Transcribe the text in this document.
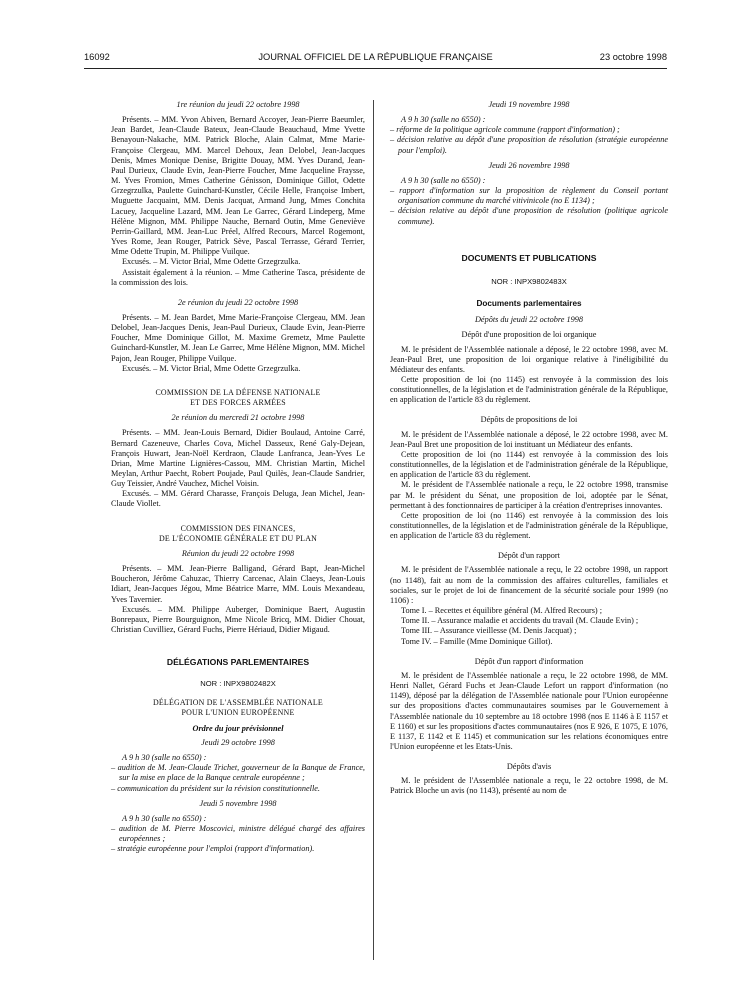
16092	JOURNAL OFFICIEL DE LA RÉPUBLIQUE FRANÇAISE	23 octobre 1998

1re réunion du jeudi 22 octobre 1998

Présents. – MM. Yvon Abiven, Bernard Accoyer, Jean-Pierre Baeumler, Jean Bardet, Jean-Claude Bateux, Jean-Claude Beauchaud, Mme Yvette Benayoun-Nakache, MM. Patrick Bloche, Alain Calmat, Mme Marie-Françoise Clergeau, MM. Marcel Dehoux, Jean Delobel, Jean-Jacques Denis, Mmes Monique Denise, Brigitte Douay, MM. Yves Durand, Jean-Paul Durieux, Claude Evin, Jean-Pierre Foucher, Mme Jacqueline Fraysse, M. Yves Fromion, Mmes Catherine Génisson, Dominique Gillot, Odette Grzegrzulka, Paulette Guinchard-Kunstler, Cécile Helle, Françoise Imbert, Muguette Jacquaint, MM. Denis Jacquat, Armand Jung, Mmes Conchita Lacuey, Jacqueline Lazard, MM. Jean Le Garrec, Gérard Lindeperg, Mme Hélène Mignon, MM. Philippe Nauche, Bernard Outin, Mme Geneviève Perrin-Gaillard, MM. Jean-Luc Préel, Alfred Recours, Marcel Rogemont, Yves Rome, Jean Rouger, Patrick Sève, Pascal Terrasse, Gérard Terrier, Mme Odette Trupin, M. Philippe Vuilque.

Excusés. – M. Victor Brial, Mme Odette Grzegrzulka.

Assistait également à la réunion. – Mme Catherine Tasca, présidente de la commission des lois.

2e réunion du jeudi 22 octobre 1998

Présents. – M. Jean Bardet, Mme Marie-Françoise Clergeau, MM. Jean Delobel, Jean-Jacques Denis, Jean-Paul Durieux, Claude Evin, Jean-Pierre Foucher, Mme Dominique Gillot, M. Maxime Gremetz, Mme Paulette Guinchard-Kunstler, M. Jean Le Garrec, Mme Hélène Mignon, MM. Michel Pajon, Jean Rouger, Philippe Vuilque.

Excusés. – M. Victor Brial, Mme Odette Grzegrzulka.

COMMISSION DE LA DÉFENSE NATIONALE

ET DES FORCES ARMÉES

2e réunion du mercredi 21 octobre 1998

Présents. – MM. Jean-Louis Bernard, Didier Boulaud, Antoine Carré, Bernard Cazeneuve, Charles Cova, Michel Dasseux, René Galy-Dejean, François Huwart, Jean-Noël Kerdraon, Claude Lanfranca, Jean-Yves Le Drian, Mme Martine Lignières-Cassou, MM. Christian Martin, Michel Meylan, Arthur Paecht, Robert Poujade, Paul Quilès, Jean-Claude Sandrier, Guy Teissier, André Vauchez, Michel Voisin.

Excusés. – MM. Gérard Charasse, François Deluga, Jean Michel, Jean-Claude Viollet.

COMMISSION DES FINANCES,

DE L'ÉCONOMIE GÉNÉRALE ET DU PLAN

Réunion du jeudi 22 octobre 1998

Présents. – MM. Jean-Pierre Balligand, Gérard Bapt, Jean-Michel Boucheron, Jérôme Cahuzac, Thierry Carcenac, Alain Claeys, Jean-Louis Idiart, Jean-Jacques Jégou, Mme Béatrice Marre, MM. Louis Mexandeau, Yves Tavernier.

Excusés. – MM. Philippe Auberger, Dominique Baert, Augustin Bonrepaux, Pierre Bourguignon, Mme Nicole Bricq, MM. Didier Chouat, Christian Cuvilliez, Gérard Fuchs, Pierre Hériaud, Didier Migaud.

DÉLÉGATIONS PARLEMENTAIRES

NOR : INPX9802482X

DÉLÉGATION DE L'ASSEMBLÉE NATIONALE

POUR L'UNION EUROPÉENNE

Ordre du jour prévisionnel

Jeudi 29 octobre 1998

A 9 h 30 (salle no 6550) :

– audition de M. Jean-Claude Trichet, gouverneur de la Banque de France, sur la mise en place de la Banque centrale européenne ;

– communication du président sur la révision constitutionnelle.

Jeudi 5 novembre 1998

A 9 h 30 (salle no 6550) :

– audition de M. Pierre Moscovici, ministre délégué chargé des affaires européennes ;

– stratégie européenne pour l'emploi (rapport d'information).

Jeudi 19 novembre 1998

A 9 h 30 (salle no 6550) :

– réforme de la politique agricole commune (rapport d'information) ;

– décision relative au dépôt d'une proposition de résolution (stratégie européenne pour l'emploi).

Jeudi 26 novembre 1998

A 9 h 30 (salle no 6550) :

– rapport d'information sur la proposition de règlement du Conseil portant organisation commune du marché vitivinicole (no E 1134) ;

– décision relative au dépôt d'une proposition de résolution (politique agricole commune).

DOCUMENTS ET PUBLICATIONS

NOR : INPX9802483X

Documents parlementaires

Dépôts du jeudi 22 octobre 1998

Dépôt d'une proposition de loi organique

M. le président de l'Assemblée nationale a déposé, le 22 octobre 1998, avec M. Jean-Paul Bret, une proposition de loi organique relative à l'inéligibilité du Médiateur des enfants.

Cette proposition de loi (no 1145) est renvoyée à la commission des lois constitutionnelles, de la législation et de l'administration générale de la République, en application de l'article 83 du règlement.

Dépôts de propositions de loi

M. le président de l'Assemblée nationale a déposé, le 22 octobre 1998, avec M. Jean-Paul Bret une proposition de loi instituant un Médiateur des enfants.

Cette proposition de loi (no 1144) est renvoyée à la commission des lois constitutionnelles, de la législation et de l'administration générale de la République, en application de l'article 83 du règlement.

M. le président de l'Assemblée nationale a reçu, le 22 octobre 1998, transmise par M. le président du Sénat, une proposition de loi, adoptée par le Sénat, permettant à des fonctionnaires de participer à la création d'entreprises innovantes.

Cette proposition de loi (no 1146) est renvoyée à la commission des lois constitutionnelles, de la législation et de l'administration générale de la République, en application de l'article 83 du règlement.

Dépôt d'un rapport

M. le président de l'Assemblée nationale a reçu, le 22 octobre 1998, un rapport (no 1148), fait au nom de la commission des affaires culturelles, familiales et sociales, sur le projet de loi de financement de la sécurité sociale pour 1999 (no 1106) :

Tome I. – Recettes et équilibre général (M. Alfred Recours) ;

Tome II. – Assurance maladie et accidents du travail (M. Claude Evin) ;

Tome III. – Assurance vieillesse (M. Denis Jacquat) ;

Tome IV. – Famille (Mme Dominique Gillot).

Dépôt d'un rapport d'information

M. le président de l'Assemblée nationale a reçu, le 22 octobre 1998, de MM. Henri Nallet, Gérard Fuchs et Jean-Claude Lefort un rapport d'information (no 1149), déposé par la délégation de l'Assemblée nationale pour l'Union européenne sur des propositions d'actes communautaires soumises par le Gouvernement à l'Assemblée nationale du 10 septembre au 18 octobre 1998 (nos E 1146 à E 1157 et E 1160) et sur les propositions d'actes communautaires (nos E 926, E 1075, E 1076, E 1137, E 1142 et E 1145) et communication sur les relations économiques entre l'Union européenne et les Etats-Unis.

Dépôts d'avis

M. le président de l'Assemblée nationale a reçu, le 22 octobre 1998, de M. Patrick Bloche un avis (no 1143), présenté au nom de
